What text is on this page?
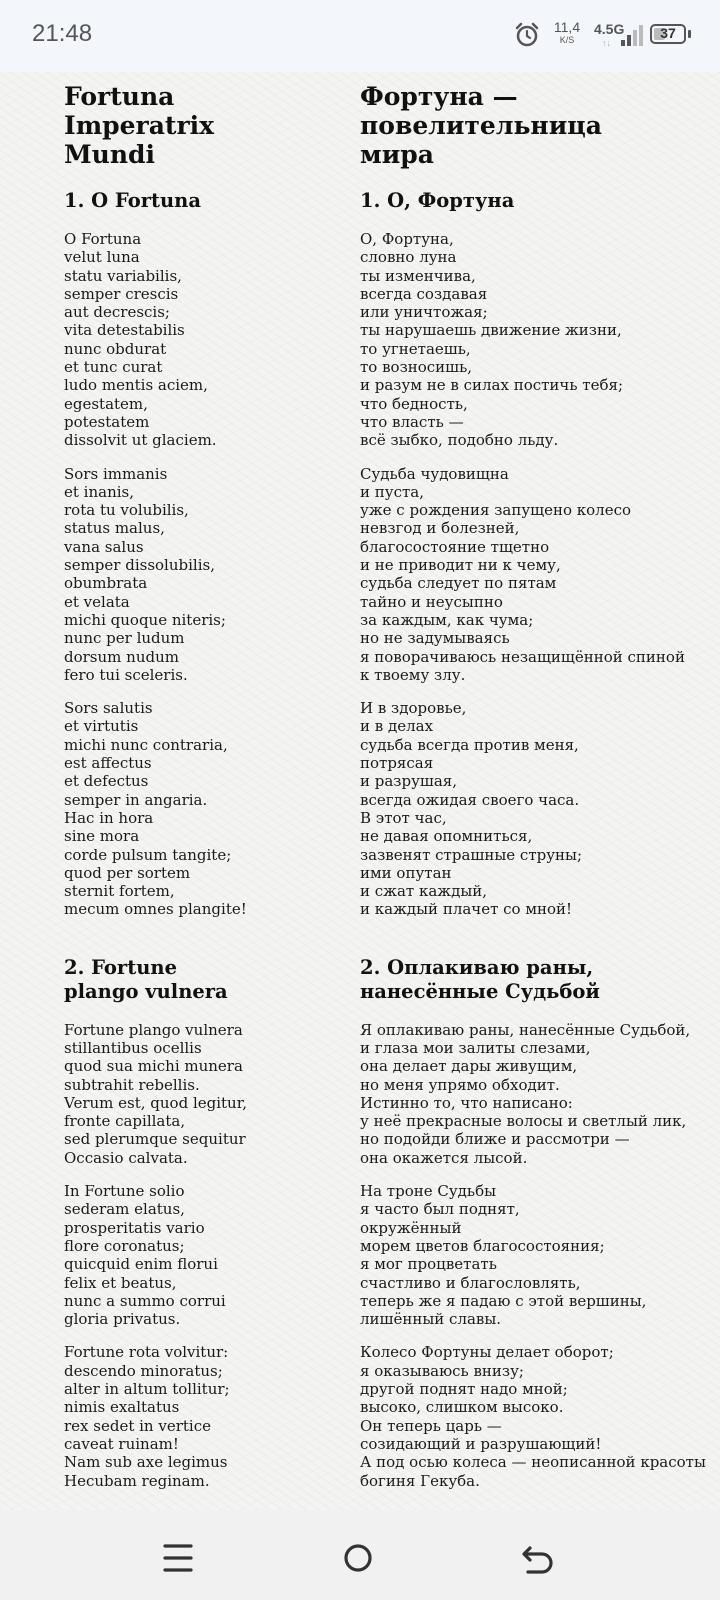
21:48	11,4
K/S
4.5G
↑↓
37
Fortuna Imperatrix Mundi
1. O Fortuna
O Fortuna
velut luna
statu variabilis,
semper crescis
aut decrescis;
vita detestabilis
nunc obdurat
et tunc curat
ludo mentis aciem,
egestatem,
potestatem
dissolvit ut glaciem.
Sors immanis
et inanis,
rota tu volubilis,
status malus,
vana salus
semper dissolubilis,
obumbrata
et velata
michi quoque niteris;
nunc per ludum
dorsum nudum
fero tui sceleris.
Sors salutis
et virtutis
michi nunc contraria,
est affectus
et defectus
semper in angaria.
Hac in hora
sine mora
corde pulsum tangite;
quod per sortem
sternit fortem,
mecum omnes plangite!
2. Fortune plango vulnera
Fortune plango vulnera
stillantibus ocellis
quod sua michi munera
subtrahit rebellis.
Verum est, quod legitur,
fronte capillata,
sed plerumque sequitur
Occasio calvata.
In Fortune solio
sederam elatus,
prosperitatis vario
flore coronatus;
quicquid enim florui
felix et beatus,
nunc a summo corrui
gloria privatus.
Fortune rota volvitur:
descendo minoratus;
alter in altum tollitur;
nimis exaltatus
rex sedet in vertice
caveat ruinam!
Nam sub axe legimus
Hecubam reginam.
Фортуна — повелительница мира
1. О, Фортуна
О, Фортуна,
словно луна
ты изменчива,
всегда создавая
или уничтожая;
ты нарушаешь движение жизни,
то угнетаешь,
то возносишь,
и разум не в силах постичь тебя;
что бедность,
что власть —
всё зыбко, подобно льду.
Судьба чудовищна
и пуста,
уже с рождения запущено колесо
невзгод и болезней,
благосостояние тщетно
и не приводит ни к чему,
судьба следует по пятам
тайно и неусыпно
за каждым, как чума;
но не задумываясь
я поворачиваюсь незащищённой спиной
к твоему злу.
И в здоровье,
и в делах
судьба всегда против меня,
потрясая
и разрушая,
всегда ожидая своего часа.
В этот час,
не давая опомниться,
зазвенят страшные струны;
ими опутан
и сжат каждый,
и каждый плачет со мной!
2. Оплакиваю раны, нанесённые Судьбой
Я оплакиваю раны, нанесённые Судьбой,
и глаза мои залиты слезами,
она делает дары живущим,
но меня упрямо обходит.
Истинно то, что написано:
у неё прекрасные волосы и светлый лик,
но подойди ближе и рассмотри —
она окажется лысой.
На троне Судьбы
я часто был поднят,
окружённый
морем цветов благосостояния;
я мог процветать
счастливо и благословлять,
теперь же я падаю с этой вершины,
лишённый славы.
Колесо Фортуны делает оборот;
я оказываюсь внизу;
другой поднят надо мной;
высоко, слишком высоко.
Он теперь царь —
созидающий и разрушающий!
А под осью колеса — неописанной красоты
богиня Гекуба.
